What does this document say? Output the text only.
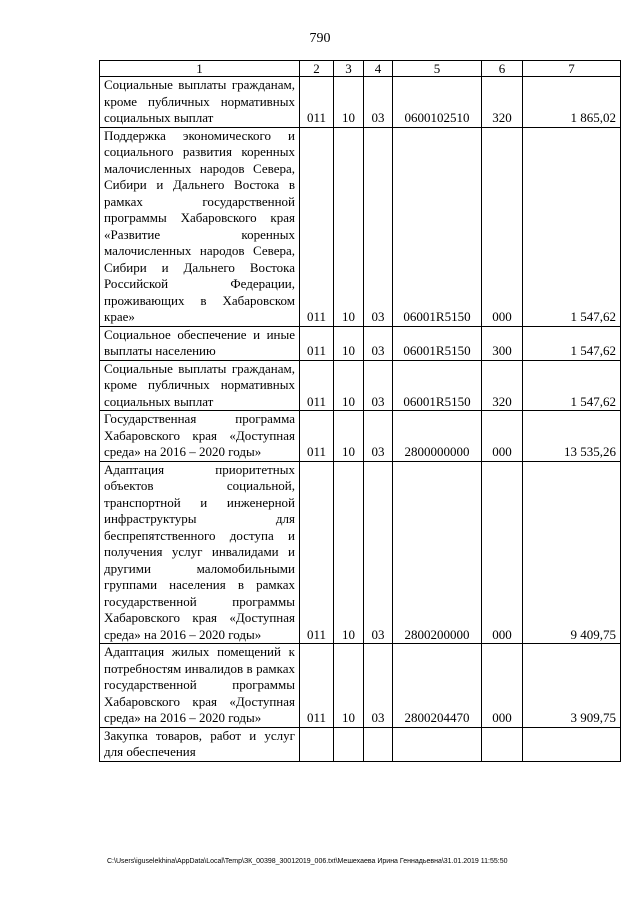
790
1	2	3	4	5	6	7
Социальные выплаты гражданам, кроме публичных нормативных социальных выплат	011	10	03	0600102510	320	1 865,02
Поддержка экономического и социального развития коренных малочисленных народов Севера, Сибири и Дальнего Востока в рамках государственной программы Хабаровского края «Развитие коренных малочисленных народов Севера, Сибири и Дальнего Востока Российской Федерации, проживающих в Хабаровском крае»	011	10	03	06001R5150	000	1 547,62
Социальное обеспечение и иные выплаты населению	011	10	03	06001R5150	300	1 547,62
Социальные выплаты гражданам, кроме публичных нормативных социальных выплат	011	10	03	06001R5150	320	1 547,62
Государственная программа Хабаровского края «Доступная среда» на 2016 – 2020 годы»	011	10	03	2800000000	000	13 535,26
Адаптация приоритетных объектов социальной, транспортной и инженерной инфраструктуры для беспрепятственного доступа и получения услуг инвалидами и другими маломобильными группами населения в рамках государственной программы Хабаровского края «Доступная среда» на 2016 – 2020 годы»	011	10	03	2800200000	000	9 409,75
Адаптация жилых помещений к потребностям инвалидов в рамках государственной программы Хабаровского края «Доступная среда» на 2016 – 2020 годы»	011	10	03	2800204470	000	3 909,75
Закупка товаров, работ и услуг для обеспечения						
C:\Users\iguselekhina\AppData\Local\Temp\ЗК_00398_30012019_006.txt\Мешехаева Ирина Геннадьевна\31.01.2019 11:55:50
